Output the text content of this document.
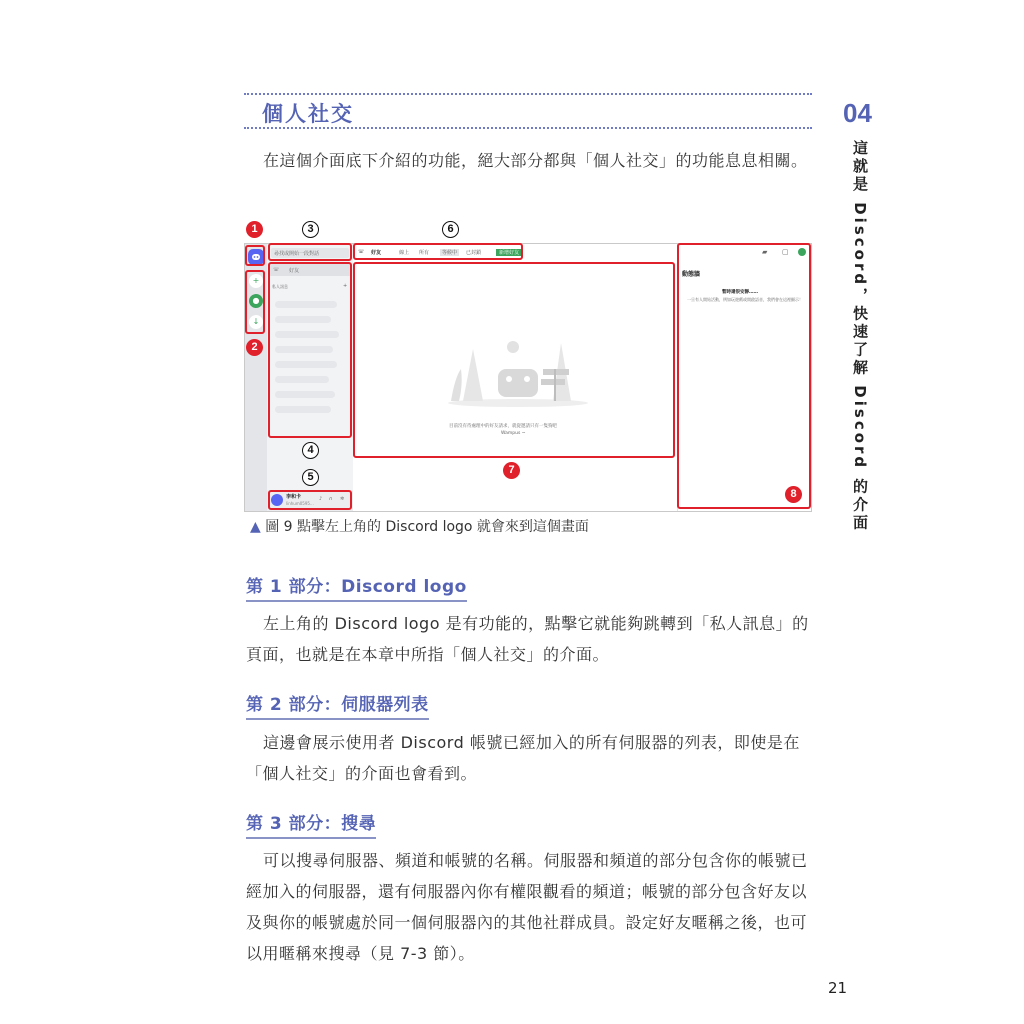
個人社交	04
這就是 Discord，快速了解 Discord 的介面
在這個介面底下介紹的功能，絕大部分都與「個人社交」的功能息息相關。
+
●
↓
尋找或開始一段對話
☏ 好友
私人訊息	+
李和卡
linhum0595...
♪ ∩ ✲
☏ 好友	線上 所有	等候中	已封鎖	新增好友
目前沒有待處理中的好友請求，就從邀請只有一隻狗吧
Wampus ~
▰ ▢
動態牆
暫時還很安靜……
一旦有人開始活動，例如玩遊戲或開啟語音，我們會在這裡顯示！
1
2
3
4
5
6
7
8
▲ 圖 9 點擊左上角的 Discord logo 就會來到這個畫面
第 1 部分：Discord logo
左上角的 Discord logo 是有功能的，點擊它就能夠跳轉到「私人訊息」的頁面，也就是在本章中所指「個人社交」的介面。
第 2 部分：伺服器列表
這邊會展示使用者 Discord 帳號已經加入的所有伺服器的列表，即使是在「個人社交」的介面也會看到。
第 3 部分：搜尋
可以搜尋伺服器、頻道和帳號的名稱。伺服器和頻道的部分包含你的帳號已經加入的伺服器，還有伺服器內你有權限觀看的頻道；帳號的部分包含好友以及與你的帳號處於同一個伺服器內的其他社群成員。設定好友暱稱之後，也可以用暱稱來搜尋（見 7-3 節）。
21
